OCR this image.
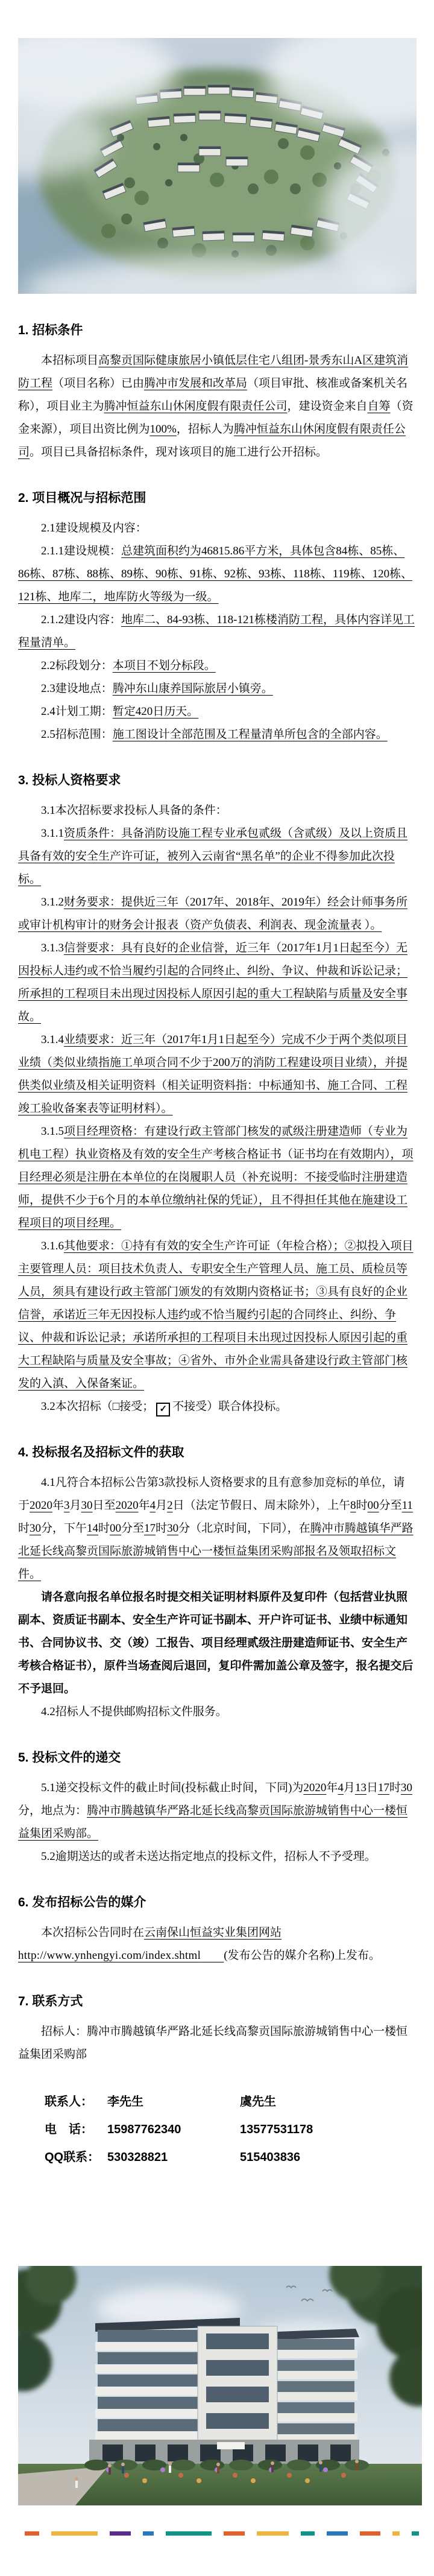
1. 招标条件

本招标项目高黎贡国际健康旅居小镇低层住宅八组团-景秀东山A区建筑消防工程（项目名称）已由腾冲市发展和改革局（项目审批、核准或备案机关名称），项目业主为腾冲恒益东山休闲度假有限责任公司，建设资金来自自筹（资金来源），项目出资比例为100%，招标人为腾冲恒益东山休闲度假有限责任公司。项目已具备招标条件，现对该项目的施工进行公开招标。

2. 项目概况与招标范围

2.1建设规模及内容：

2.1.1建设规模：总建筑面积约为46815.86平方米，具体包含84栋、85栋、86栋、87栋、88栋、89栋、90栋、91栋、92栋、93栋、118栋、119栋、120栋、121栋、地库二，地库防火等级为一级。

2.1.2建设内容：地库二、84-93栋、118-121栋楼消防工程，具体内容详见工程量清单。

2.2标段划分：本项目不划分标段。

2.3建设地点：腾冲东山康养国际旅居小镇旁。

2.4计划工期：暂定420日历天。

2.5招标范围：施工图设计全部范围及工程量清单所包含的全部内容。

3. 投标人资格要求

3.1本次招标要求投标人具备的条件：

3.1.1资质条件：具备消防设施工程专业承包贰级（含贰级）及以上资质且具备有效的安全生产许可证，被列入云南省“黑名单”的企业不得参加此次投标。

3.1.2财务要求：提供近三年（2017年、2018年、2019年）经会计师事务所或审计机构审计的财务会计报表（资产负债表、利润表、现金流量表 ）。

3.1.3信誉要求：具有良好的企业信誉，近三年（2017年1月1日起至今）无因投标人违约或不恰当履约引起的合同终止、纠纷、争议、仲裁和诉讼记录；所承担的工程项目未出现过因投标人原因引起的重大工程缺陷与质量及安全事故。

3.1.4业绩要求：近三年（2017年1月1日起至今）完成不少于两个类似项目业绩（类似业绩指施工单项合同不少于200万的消防工程建设项目业绩），并提供类似业绩及相关证明资料（相关证明资料指：中标通知书、施工合同、工程竣工验收备案表等证明材料）。

3.1.5项目经理资格：有建设行政主管部门核发的贰级注册建造师（专业为机电工程）执业资格及有效的安全生产考核合格证书（证书均在有效期内），项目经理必须是注册在本单位的在岗履职人员（补充说明：不接受临时注册建造师，提供不少于6个月的本单位缴纳社保的凭证），且不得担任其他在施建设工程项目的项目经理。

3.1.6其他要求：①持有有效的安全生产许可证（年检合格）；②拟投入项目主要管理人员：项目技术负责人、专职安全生产管理人员、施工员、质检员等人员，须具有建设行政主管部门颁发的有效期内资格证书；③具有良好的企业信誉，承诺近三年无因投标人违约或不恰当履约引起的合同终止、纠纷、争议、仲裁和诉讼记录；承诺所承担的工程项目未出现过因投标人原因引起的重大工程缺陷与质量及安全事故；④省外、市外企业需具备建设行政主管部门核发的入滇、入保备案证。

3.2本次招标（□接受； ✓ 不接受）联合体投标。

4. 投标报名及招标文件的获取

4.1凡符合本招标公告第3款投标人资格要求的且有意参加竞标的单位，请于2020年3月30日至2020年4月2日（法定节假日、周末除外），上午8时00分至11时30分，下午14时00分至17时30分（北京时间，下同），在腾冲市腾越镇华严路北延长线高黎贡国际旅游城销售中心一楼恒益集团采购部报名及领取招标文件。

请各意向报名单位报名时提交相关证明材料原件及复印件（包括营业执照副本、资质证书副本、安全生产许可证书副本、开户许可证书、业绩中标通知书、合同协议书、交（竣）工报告、项目经理贰级注册建造师证书、安全生产考核合格证书），原件当场查阅后退回，复印件需加盖公章及签字，报名提交后不予退回。

4.2招标人不提供邮购招标文件服务。

5. 投标文件的递交

5.1递交投标文件的截止时间(投标截止时间，下同)为2020年4月13日17时30分，地点为：腾冲市腾越镇华严路北延长线高黎贡国际旅游城销售中心一楼恒益集团采购部。

5.2逾期送达的或者未送达指定地点的投标文件，招标人不予受理。

6. 发布招标公告的媒介

本次招标公告同时在云南保山恒益实业集团网站 http://www.ynhengyi.com/index.shtml　　 (发布公告的媒介名称)上发布。

7. 联系方式

招标人：腾冲市腾越镇华严路北延长线高黎贡国际旅游城销售中心一楼恒益集团采购部

联系人：	李先生	虞先生
电　话：	15987762340	13577531178
QQ联系： 530328821	515403836
